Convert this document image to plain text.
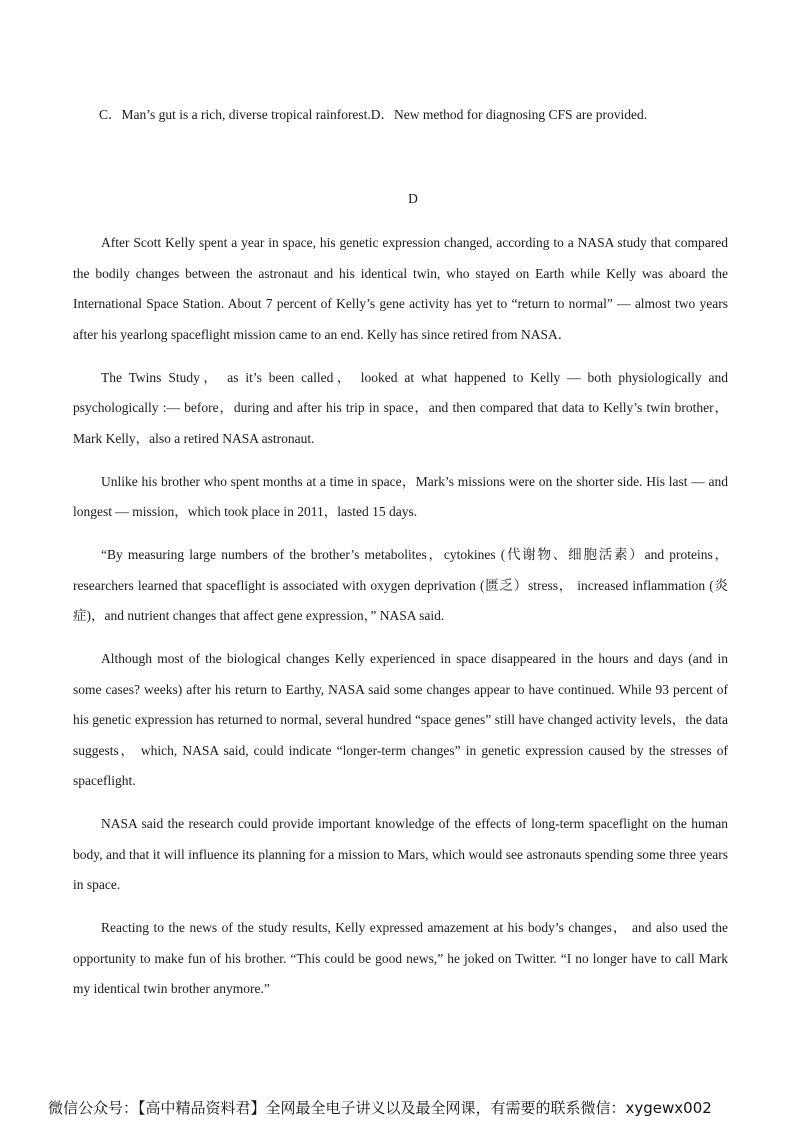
C．Man’s gut is a rich, diverse tropical rainforest.D．New method for diagnosing CFS are provided.
D

After Scott Kelly spent a year in space, his genetic expression changed, according to a NASA study that compared the bodily changes between the astronaut and his identical twin, who stayed on Earth while Kelly was aboard the International Space Station. About 7 percent of Kelly’s gene activity has yet to “return to normal” — almost two years after his yearlong spaceflight mission came to an end. Kelly has since retired from NASA．

The Twins Study， as it’s been called， looked at what happened to Kelly — both physiologically and psychologically :— before，during and after his trip in space，and then compared that data to Kelly’s twin brother，Mark Kelly，also a retired NASA astronaut.

Unlike his brother who spent months at a time in space，Mark’s missions were on the shorter side. His last — and longest — mission，which took place in 2011，lasted 15 days.

“By measuring large numbers of the brother’s metabolites，cytokines (代谢物、细胞活素）and proteins，researchers learned that spaceflight is associated with oxygen deprivation (匮乏）stress， increased inflammation (炎症)，and nutrient changes that affect gene expression，” NASA said.

Although most of the biological changes Kelly experienced in space disappeared in the hours and days (and in some cases? weeks) after his return to Earthy, NASA said some changes appear to have continued. While 93 percent of his genetic expression has returned to normal, several hundred “space genes” still have changed activity levels，the data suggests， which, NASA said, could indicate “longer-term changes” in genetic expression caused by the stresses of spaceflight.

NASA said the research could provide important knowledge of the effects of long-term spaceflight on the human body, and that it will influence its planning for a mission to Mars, which would see astronauts spending some three years in space.

Reacting to the news of the study results, Kelly expressed amazement at his body’s changes， and also used the opportunity to make fun of his brother. “This could be good news,” he joked on Twitter. “I no longer have to call Mark my identical twin brother anymore.”

微信公众号：【高中精品资料君】全网最全电子讲义以及最全网课，有需要的联系微信：xygewx002
